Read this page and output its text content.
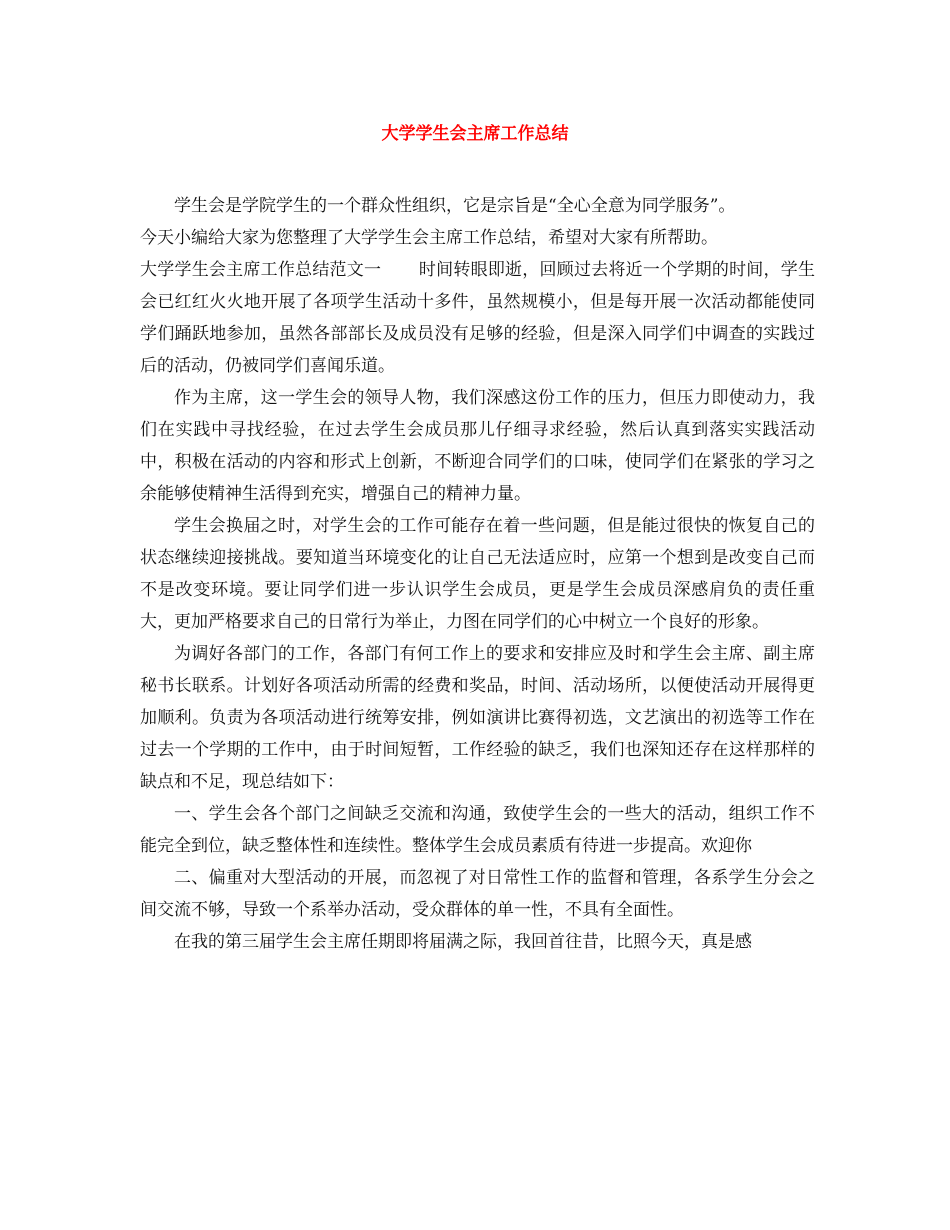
大学学生会主席工作总结

学生会是学院学生的一个群众性组织，它是宗旨是“全心全意为同学服务”。

今天小编给大家为您整理了大学学生会主席工作总结，希望对大家有所帮助。

大学学生会主席工作总结范文一 时间转眼即逝，回顾过去将近一个学期的时间，学生会已红红火火地开展了各项学生活动十多件，虽然规模小，但是每开展一次活动都能使同学们踊跃地参加，虽然各部部长及成员没有足够的经验，但是深入同学们中调查的实践过后的活动，仍被同学们喜闻乐道。

作为主席，这一学生会的领导人物，我们深感这份工作的压力，但压力即使动力，我们在实践中寻找经验，在过去学生会成员那儿仔细寻求经验，然后认真到落实实践活动中，积极在活动的内容和形式上创新，不断迎合同学们的口味，使同学们在紧张的学习之余能够使精神生活得到充实，增强自己的精神力量。

学生会换届之时，对学生会的工作可能存在着一些问题，但是能过很快的恢复自己的状态继续迎接挑战。要知道当环境变化的让自己无法适应时，应第一个想到是改变自己而不是改变环境。要让同学们进一步认识学生会成员，更是学生会成员深感肩负的责任重大，更加严格要求自己的日常行为举止，力图在同学们的心中树立一个良好的形象。

为调好各部门的工作，各部门有何工作上的要求和安排应及时和学生会主席、副主席秘书长联系。计划好各项活动所需的经费和奖品，时间、活动场所，以便使活动开展得更加顺利。负责为各项活动进行统筹安排，例如演讲比赛得初选，文艺演出的初选等工作在过去一个学期的工作中，由于时间短暂，工作经验的缺乏，我们也深知还存在这样那样的缺点和不足，现总结如下：

一、学生会各个部门之间缺乏交流和沟通，致使学生会的一些大的活动，组织工作不能完全到位，缺乏整体性和连续性。整体学生会成员素质有待进一步提高。欢迎你

二、偏重对大型活动的开展，而忽视了对日常性工作的监督和管理，各系学生分会之间交流不够，导致一个系举办活动，受众群体的单一性，不具有全面性。

在我的第三届学生会主席任期即将届满之际，我回首往昔，比照今天，真是感
